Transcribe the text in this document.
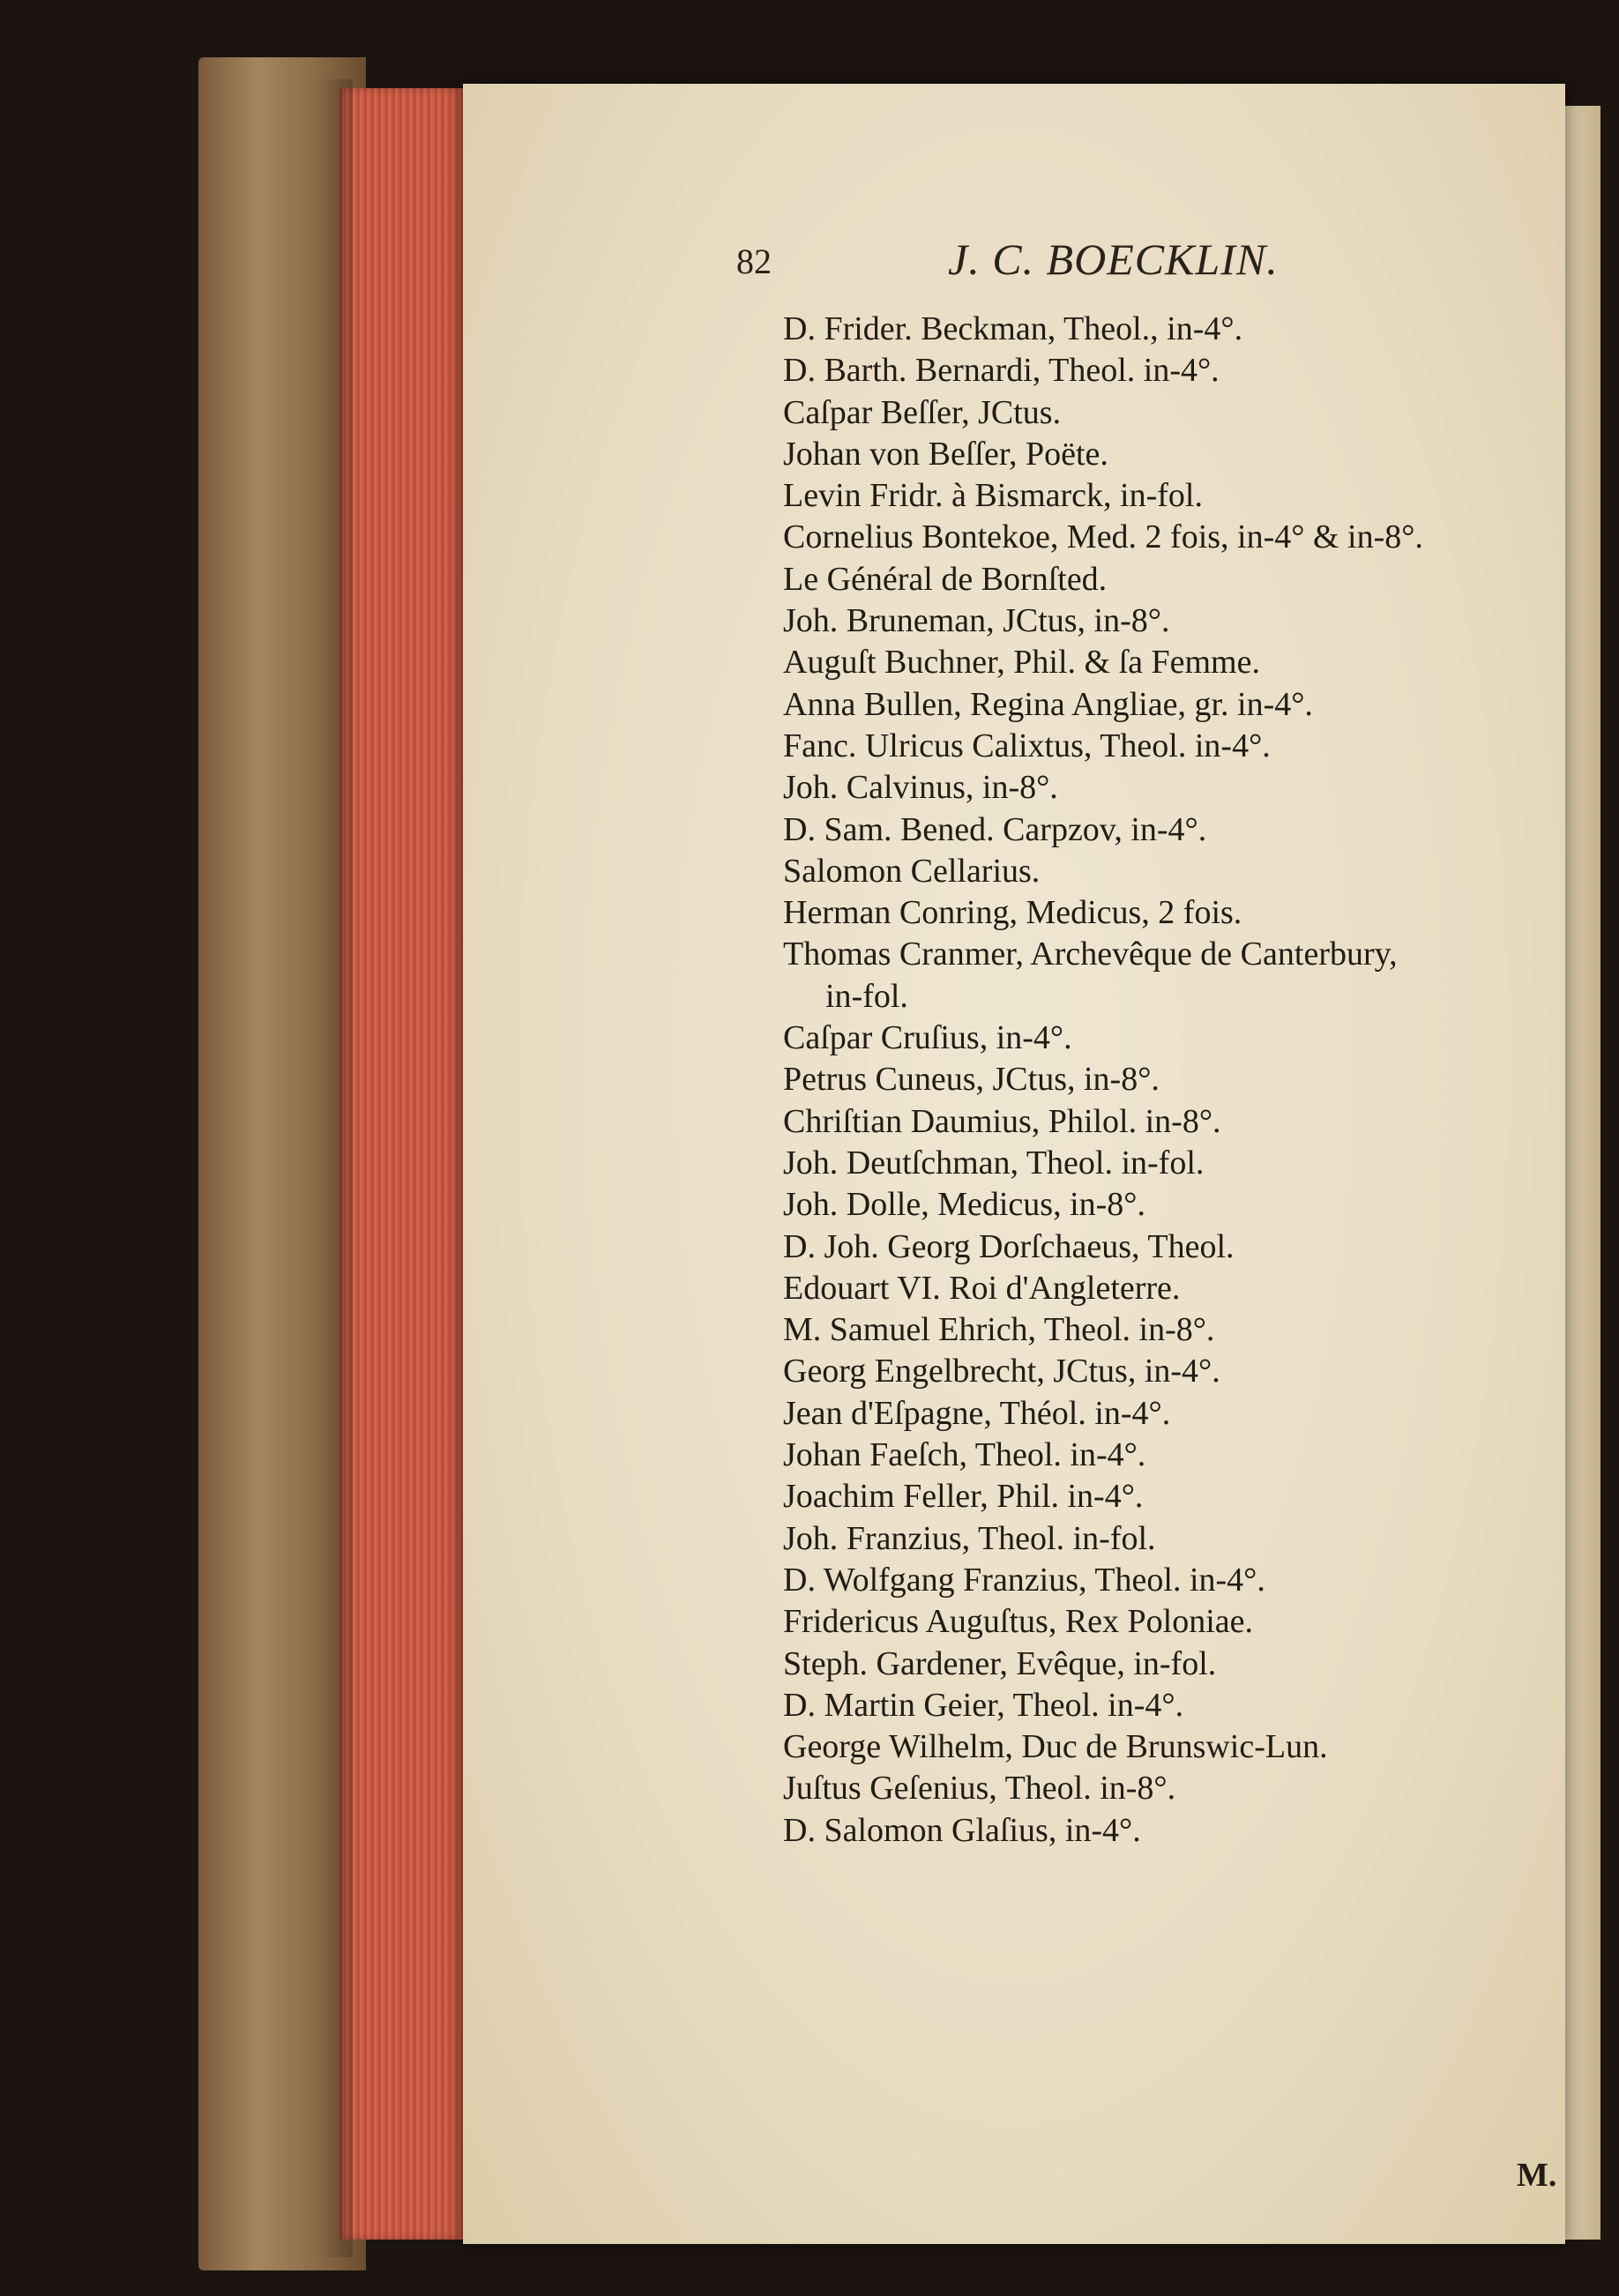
82	J. C. BOECKLIN.
D. Frider. Beckman, Theol., in-4°.
D. Barth. Bernardi, Theol. in-4°.
Caſpar Beſſer, JCtus.
Johan von Beſſer, Poëte.
Levin Fridr. à Bismarck, in-fol.
Cornelius Bontekoe, Med. 2 fois, in-4° & in-8°.
Le Général de Bornſted.
Joh. Bruneman, JCtus, in-8°.
Auguſt Buchner, Phil. & ſa Femme.
Anna Bullen, Regina Angliae, gr. in-4°.
Fanc. Ulricus Calixtus, Theol. in-4°.
Joh. Calvinus, in-8°.
D. Sam. Bened. Carpzov, in-4°.
Salomon Cellarius.
Herman Conring, Medicus, 2 fois.
Thomas Cranmer, Archevêque de Canterbury,
in-fol.
Caſpar Cruſius, in-4°.
Petrus Cuneus, JCtus, in-8°.
Chriſtian Daumius, Philol. in-8°.
Joh. Deutſchman, Theol. in-fol.
Joh. Dolle, Medicus, in-8°.
D. Joh. Georg Dorſchaeus, Theol.
Edouart VI. Roi d'Angleterre.
M. Samuel Ehrich, Theol. in-8°.
Georg Engelbrecht, JCtus, in-4°.
Jean d'Eſpagne, Théol. in-4°.
Johan Faeſch, Theol. in-4°.
Joachim Feller, Phil. in-4°.
Joh. Franzius, Theol. in-fol.
D. Wolfgang Franzius, Theol. in-4°.
Fridericus Auguſtus, Rex Poloniae.
Steph. Gardener, Evêque, in-fol.
D. Martin Geier, Theol. in-4°.
George Wilhelm, Duc de Brunswic-Lun.
Juſtus Geſenius, Theol. in-8°.
D. Salomon Glaſius, in-4°.
M.
